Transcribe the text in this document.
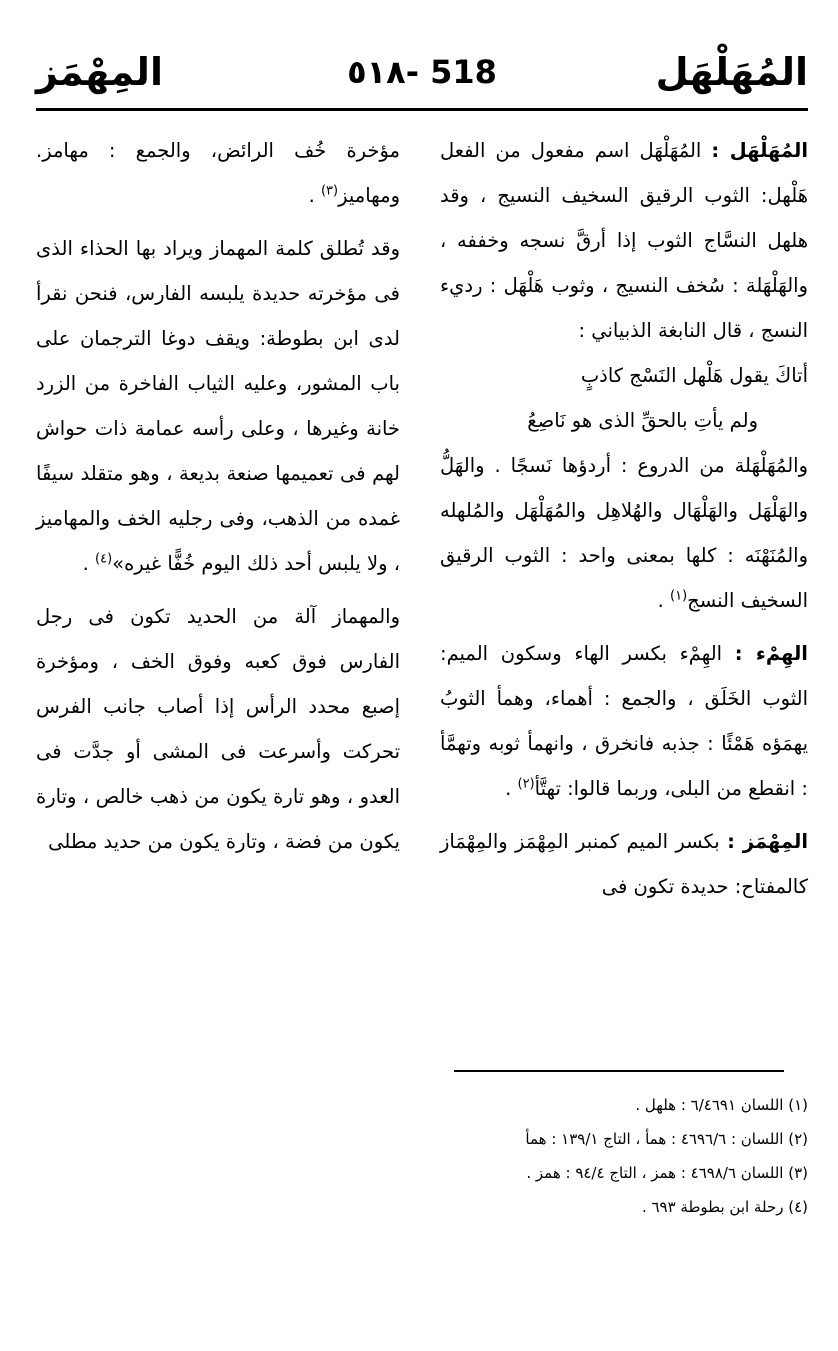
المُهَلْهَل
518 -٥١٨
المِهْمَز

المُهَلْهَل : المُهَلْهَل اسم مفعول من الفعل هَلْهل: الثوب الرقيق السخيف النسيج ، وقد هلهل النسَّاج الثوب إذا أرقَّ نسجه وخففه ، والهَلْهَلة : سُخف النسيج ، وثوب هَلْهَل : رديء النسج ، قال النابغة الذبياني :

أتاكَ يقول هَلْهل النَسْج كاذبٍ

ولم يأتِ بالحقِّ الذى هو نَاصِعُ

والمُهَلْهَلة من الدروع : أردؤها نَسجًا . والهَلُّ والهَلْهَل والهَلْهَال والهُلاهِل والمُهَلْهَل والمُلهله والمُنَهْنَه : كلها بمعنى واحد : الثوب الرقيق السخيف النسج$^{(١)}$ .

الهِمْء : الهِمْء بكسر الهاء وسكون الميم: الثوب الخَلَق ، والجمع : أهماء، وهمأ الثوبُ يهمَؤه هَمْئًا : جذبه فانخرق ، وانهمأ ثوبه وتهمَّأ : انقطع من البلى، وربما قالوا: تهتَّأ$^{(٢)}$ .

المِهْمَز : بكسر الميم كمنبر المِهْمَز والمِهْمَاز كالمفتاح: حديدة تكون فى

مؤخرة خُف الرائض، والجمع : مهامز. ومهاميز$^{(٣)}$ .

وقد تُطلق كلمة المهماز ويراد بها الحذاء الذى فى مؤخرته حديدة يلبسه الفارس، فنحن نقرأ لدى ابن بطوطة: ويقف دوغا الترجمان على باب المشور، وعليه الثياب الفاخرة من الزرد خانة وغيرها ، وعلى رأسه عمامة ذات حواش لهم فى تعميمها صنعة بديعة ، وهو متقلد سيفًا غمده من الذهب، وفى رجليه الخف والمهاميز ، ولا يلبس أحد ذلك اليوم خُفًّا غيره»$^{(٤)}$ .

والمهماز آلة من الحديد تكون فى رجل الفارس فوق كعبه وفوق الخف ، ومؤخرة إصبع محدد الرأس إذا أصاب جانب الفرس تحركت وأسرعت فى المشى أو جدَّت فى العدو ، وهو تارة يكون من ذهب خالص ، وتارة يكون من فضة ، وتارة يكون من حديد مطلى

(١) اللسان ٦/٤٦٩١ : هلهل .

(٢) اللسان : ٤٦٩٦/٦ : همأ ، التاج ١٣٩/١ : همأ

(٣) اللسان ٤٦٩٨/٦ : همز ، التاج ٩٤/٤ : همز .

(٤) رحلة ابن بطوطة ٦٩٣ .
